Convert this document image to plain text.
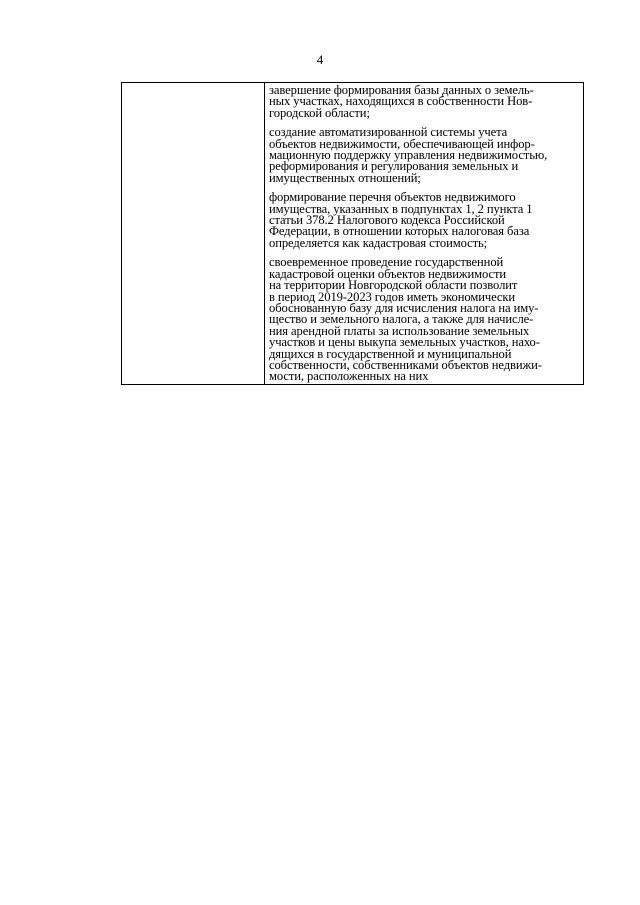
4

завершение формирования базы данных о земель-
ных участках, находящихся в собственности Нов-
городской области;

создание автоматизированной системы учета
объектов недвижимости, обеспечивающей инфор-
мационную поддержку управления недвижимостью,
реформирования и регулирования земельных и
имущественных отношений;

формирование перечня объектов недвижимого
имущества, указанных в подпунктах 1, 2 пункта 1
статьи 378.2 Налогового кодекса Российской
Федерации, в отношении которых налоговая база
определяется как кадастровая стоимость;

своевременное проведение государственной
кадастровой оценки объектов недвижимости
на территории Новгородской области позволит
в период 2019-2023 годов иметь экономически
обоснованную базу для исчисления налога на иму-
щество и земельного налога, а также для начисле-
ния арендной платы за использование земельных
участков и цены выкупа земельных участков, нахо-
дящихся в государственной и муниципальной
собственности, собственниками объектов недвижи-
мости, расположенных на них
